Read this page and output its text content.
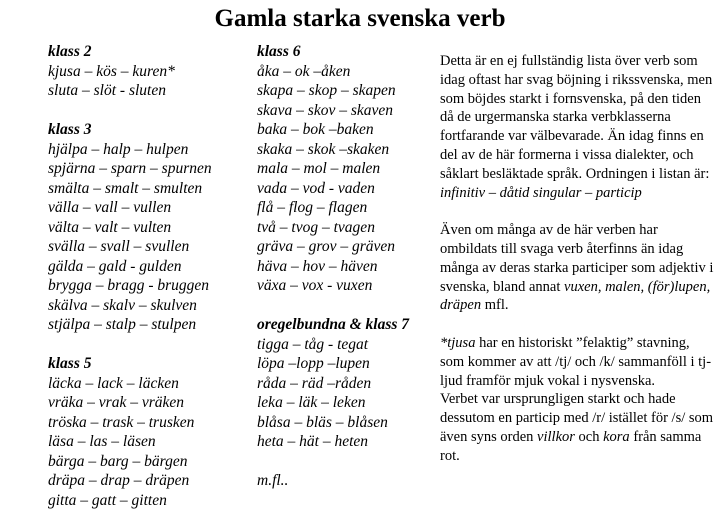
Gamla starka svenska verb
klass 2
kjusa – kös – kuren*
sluta – slöt - sluten
klass 3
hjälpa – halp – hulpen
spjärna – sparn – spurnen
smälta – smalt – smulten
välla – vall – vullen
välta – valt – vulten
svälla – svall – svullen
gälda – gald - gulden
brygga – bragg - bruggen
skälva – skalv – skulven
stjälpa – stalp – stulpen
klass 5
läcka – lack – läcken
vräka – vrak – vräken
tröska – trask – trusken
läsa – las – läsen
bärga – barg – bärgen
dräpa – drap – dräpen
gitta – gatt – gitten
klass 6
åka – ok –åken
skapa – skop – skapen
skava – skov – skaven
baka – bok –baken
skaka – skok –skaken
mala – mol – malen
vada – vod - vaden
flå – flog – flagen
två – tvog – tvagen
gräva – grov – gräven
häva – hov – häven
växa – vox - vuxen
oregelbundna & klass 7
tigga – tåg - tegat
löpa –lopp –lupen
råda – räd –råden
leka – läk – leken
blåsa – bläs – blåsen
heta – hät – heten
m.fl..

Detta är en ej fullständig lista över verb som idag oftast har svag böjning i rikssvenska, men som böjdes starkt i fornsvenska, på den tiden då de urgermanska starka verbklasserna fortfarande var välbevarade. Än idag finns en del av de här formerna i vissa dialekter, och såklart besläktade språk. Ordningen i listan är:

infinitiv – dåtid singular – particip

Även om många av de här verben har ombildats till svaga verb återfinns än idag många av deras starka participer som adjektiv i svenska, bland annat vuxen, malen, (för)lupen, dräpen mfl.

*tjusa har en historiskt ”felaktig” stavning, som kommer av att /tj/ och /k/ sammanföll i tj-ljud framför mjuk vokal i nysvenska.

Verbet var ursprungligen starkt och hade dessutom en particip med /r/ istället för /s/ som även syns orden villkor och kora från samma rot.
